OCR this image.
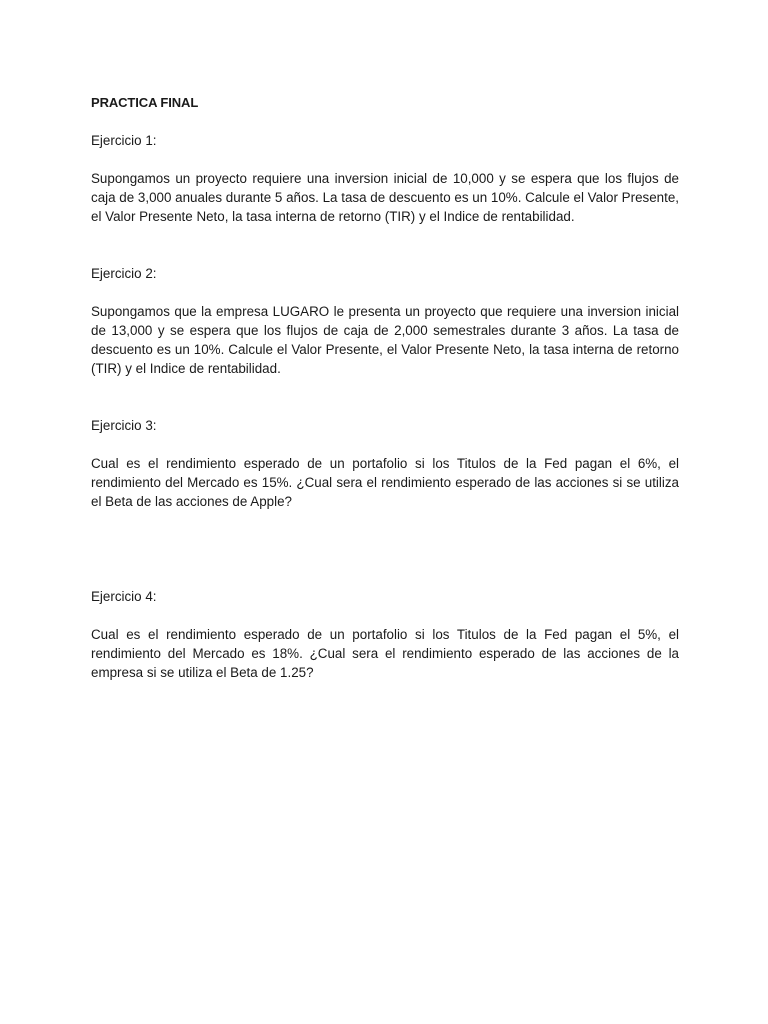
PRACTICA FINAL
Ejercicio 1:

Supongamos un proyecto requiere una inversion inicial de 10,000 y se espera que los flujos de caja de 3,000 anuales durante 5 años. La tasa de descuento es un 10%. Calcule el Valor Presente, el Valor Presente Neto, la tasa interna de retorno (TIR) y el Indice de rentabilidad.

Ejercicio 2:

Supongamos que la empresa LUGARO le presenta un proyecto que requiere una inversion inicial de 13,000 y se espera que los flujos de caja de 2,000 semestrales durante 3 años. La tasa de descuento es un 10%. Calcule el Valor Presente, el Valor Presente Neto, la tasa interna de retorno (TIR) y el Indice de rentabilidad.

Ejercicio 3:

Cual es el rendimiento esperado de un portafolio si los Titulos de la Fed pagan el 6%, el rendimiento del Mercado es 15%. ¿Cual sera el rendimiento esperado de las acciones si se utiliza el Beta de las acciones de Apple?

Ejercicio 4:

Cual es el rendimiento esperado de un portafolio si los Titulos de la Fed pagan el 5%, el rendimiento del Mercado es 18%. ¿Cual sera el rendimiento esperado de las acciones de la empresa si se utiliza el Beta de 1.25?
